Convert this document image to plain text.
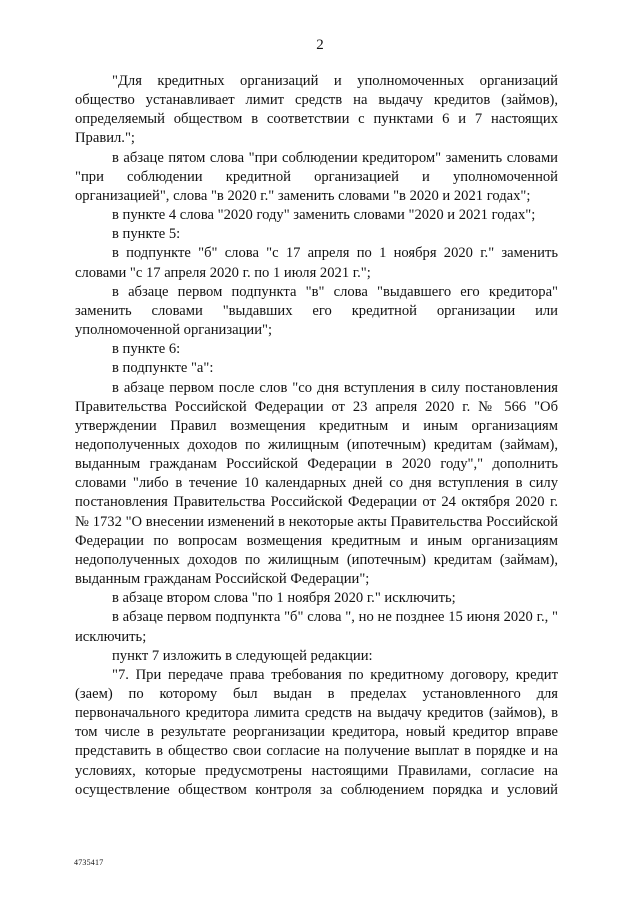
2

"Для кредитных организаций и уполномоченных организаций общество устанавливает лимит средств на выдачу кредитов (займов), определяемый обществом в соответствии с пунктами 6 и 7 настоящих Правил.";

в абзаце пятом слова "при соблюдении кредитором" заменить словами "при соблюдении кредитной организацией и уполномоченной организацией", слова "в 2020 г." заменить словами "в 2020 и 2021 годах";

в пункте 4 слова "2020 году" заменить словами "2020 и 2021 годах";

в пункте 5:

в подпункте "б" слова "с 17 апреля по 1 ноября 2020 г." заменить словами "с 17 апреля 2020 г. по 1 июля 2021 г.";

в абзаце первом подпункта "в" слова "выдавшего его кредитора" заменить словами "выдавших его кредитной организации или уполномоченной организации";

в пункте 6:

в подпункте "а":

в абзаце первом после слов "со дня вступления в силу постановления Правительства Российской Федерации от 23 апреля 2020 г. № 566 "Об утверждении Правил возмещения кредитным и иным организациям недополученных доходов по жилищным (ипотечным) кредитам (займам), выданным гражданам Российской Федерации в 2020 году"," дополнить словами "либо в течение 10 календарных дней со дня вступления в силу постановления Правительства Российской Федерации от 24 октября 2020 г. № 1732 "О внесении изменений в некоторые акты Правительства Российской Федерации по вопросам возмещения кредитным и иным организациям недополученных доходов по жилищным (ипотечным) кредитам (займам), выданным гражданам Российской Федерации";

в абзаце втором слова "по 1 ноября 2020 г." исключить;

в абзаце первом подпункта "б" слова ", но не позднее 15 июня 2020 г., " исключить;

пункт 7 изложить в следующей редакции:

"7. При передаче права требования по кредитному договору, кредит (заем) по которому был выдан в пределах установленного для первоначального кредитора лимита средств на выдачу кредитов (займов), в том числе в результате реорганизации кредитора, новый кредитор вправе представить в общество свои согласие на получение выплат в порядке и на условиях, которые предусмотрены настоящими Правилами, согласие на осуществление обществом контроля за соблюдением порядка и условий

4735417
